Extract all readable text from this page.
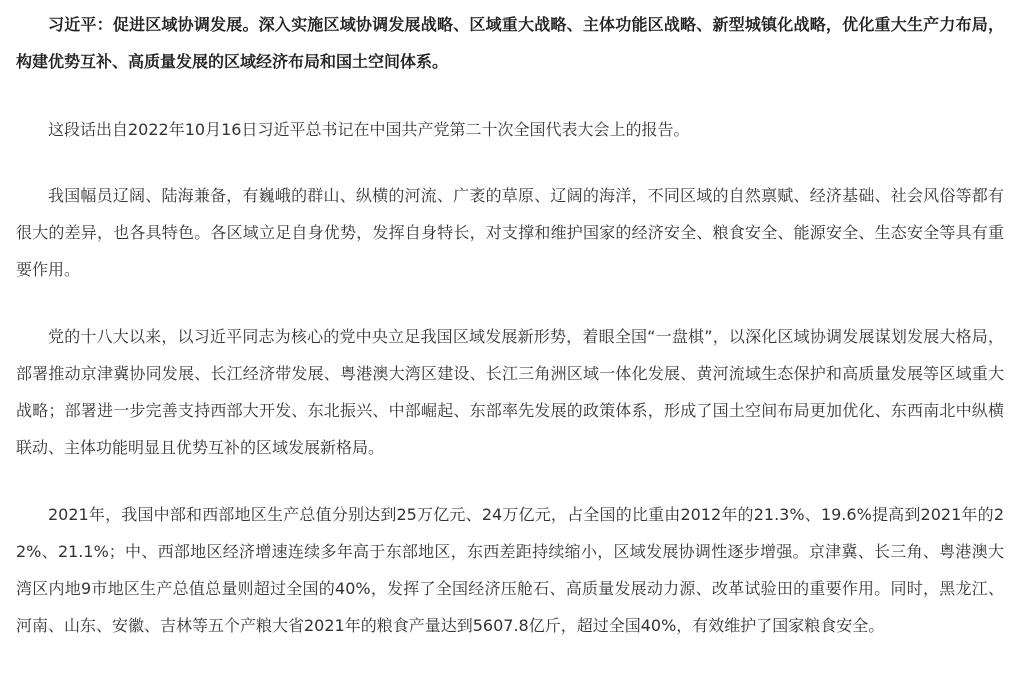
习近平：促进区域协调发展。深入实施区域协调发展战略、区域重大战略、主体功能区战略、新型城镇化战略，优化重大生产力布局，构建优势互补、高质量发展的区域经济布局和国土空间体系。

这段话出自2022年10月16日习近平总书记在中国共产党第二十次全国代表大会上的报告。

我国幅员辽阔、陆海兼备，有巍峨的群山、纵横的河流、广袤的草原、辽阔的海洋，不同区域的自然禀赋、经济基础、社会风俗等都有很大的差异，也各具特色。各区域立足自身优势，发挥自身特长，对支撑和维护国家的经济安全、粮食安全、能源安全、生态安全等具有重要作用。

党的十八大以来，以习近平同志为核心的党中央立足我国区域发展新形势，着眼全国“一盘棋”，以深化区域协调发展谋划发展大格局，部署推动京津冀协同发展、长江经济带发展、粤港澳大湾区建设、长江三角洲区域一体化发展、黄河流域生态保护和高质量发展等区域重大战略；部署进一步完善支持西部大开发、东北振兴、中部崛起、东部率先发展的政策体系，形成了国土空间布局更加优化、东西南北中纵横联动、主体功能明显且优势互补的区域发展新格局。

2021年，我国中部和西部地区生产总值分别达到25万亿元、24万亿元，占全国的比重由2012年的21.3%、19.6%提高到2021年的22%、21.1%；中、西部地区经济增速连续多年高于东部地区，东西差距持续缩小，区域发展协调性逐步增强。京津冀、长三角、粤港澳大湾区内地9市地区生产总值总量则超过全国的40%，发挥了全国经济压舱石、高质量发展动力源、改革试验田的重要作用。同时，黑龙江、河南、山东、安徽、吉林等五个产粮大省2021年的粮食产量达到5607.8亿斤，超过全国40%，有效维护了国家粮食安全。
